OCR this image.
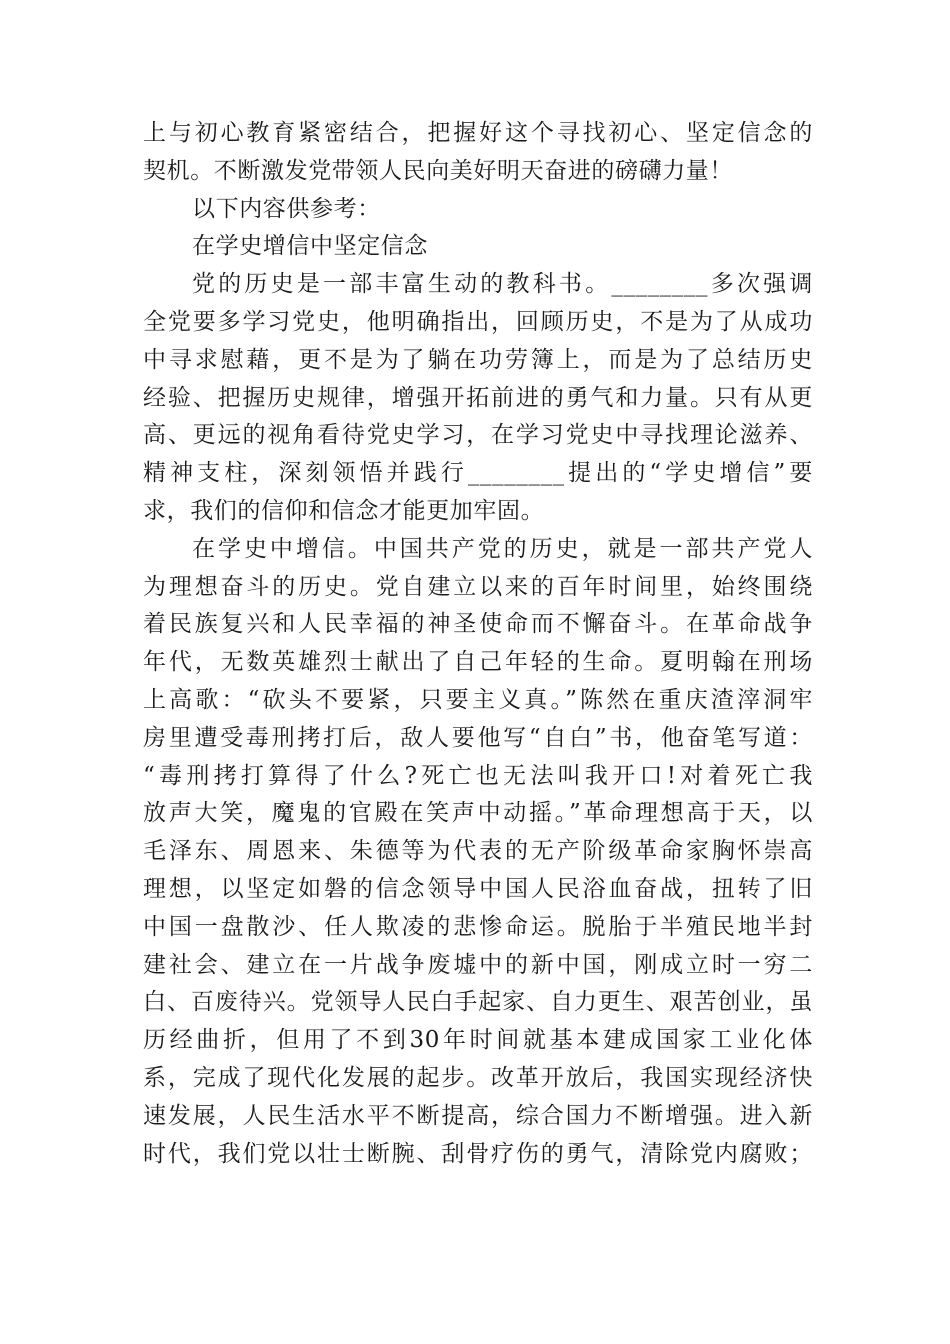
上与初心教育紧密结合，把握好这个寻找初心、坚定信念的
契机。不断激发党带领人民向美好明天奋进的磅礴力量！
以下内容供参考：
在学史增信中坚定信念
党的历史是一部丰富生动的教科书。________多次强调
全党要多学习党史，他明确指出，回顾历史，不是为了从成功
中寻求慰藉，更不是为了躺在功劳簿上，而是为了总结历史
经验、把握历史规律，增强开拓前进的勇气和力量。只有从更
高、更远的视角看待党史学习，在学习党史中寻找理论滋养、
精神支柱，深刻领悟并践行________提出的“学史增信”要
求，我们的信仰和信念才能更加牢固。
在学史中增信。中国共产党的历史，就是一部共产党人
为理想奋斗的历史。党自建立以来的百年时间里，始终围绕
着民族复兴和人民幸福的神圣使命而不懈奋斗。在革命战争
年代，无数英雄烈士献出了自己年轻的生命。夏明翰在刑场
上高歌：“砍头不要紧，只要主义真。”陈然在重庆渣滓洞牢
房里遭受毒刑拷打后，敌人要他写“自白”书，他奋笔写道：
“毒刑拷打算得了什么?死亡也无法叫我开口!对着死亡我
放声大笑，魔鬼的官殿在笑声中动摇。”革命理想高于天，以
毛泽东、周恩来、朱德等为代表的无产阶级革命家胸怀崇高
理想，以坚定如磐的信念领导中国人民浴血奋战，扭转了旧
中国一盘散沙、任人欺凌的悲惨命运。脱胎于半殖民地半封
建社会、建立在一片战争废墟中的新中国，刚成立时一穷二
白、百废待兴。党领导人民白手起家、自力更生、艰苦创业，虽
历经曲折，但用了不到30年时间就基本建成国家工业化体
系，完成了现代化发展的起步。改革开放后，我国实现经济快
速发展，人民生活水平不断提高，综合国力不断增强。进入新
时代，我们党以壮士断腕、刮骨疗伤的勇气，清除党内腐败；
